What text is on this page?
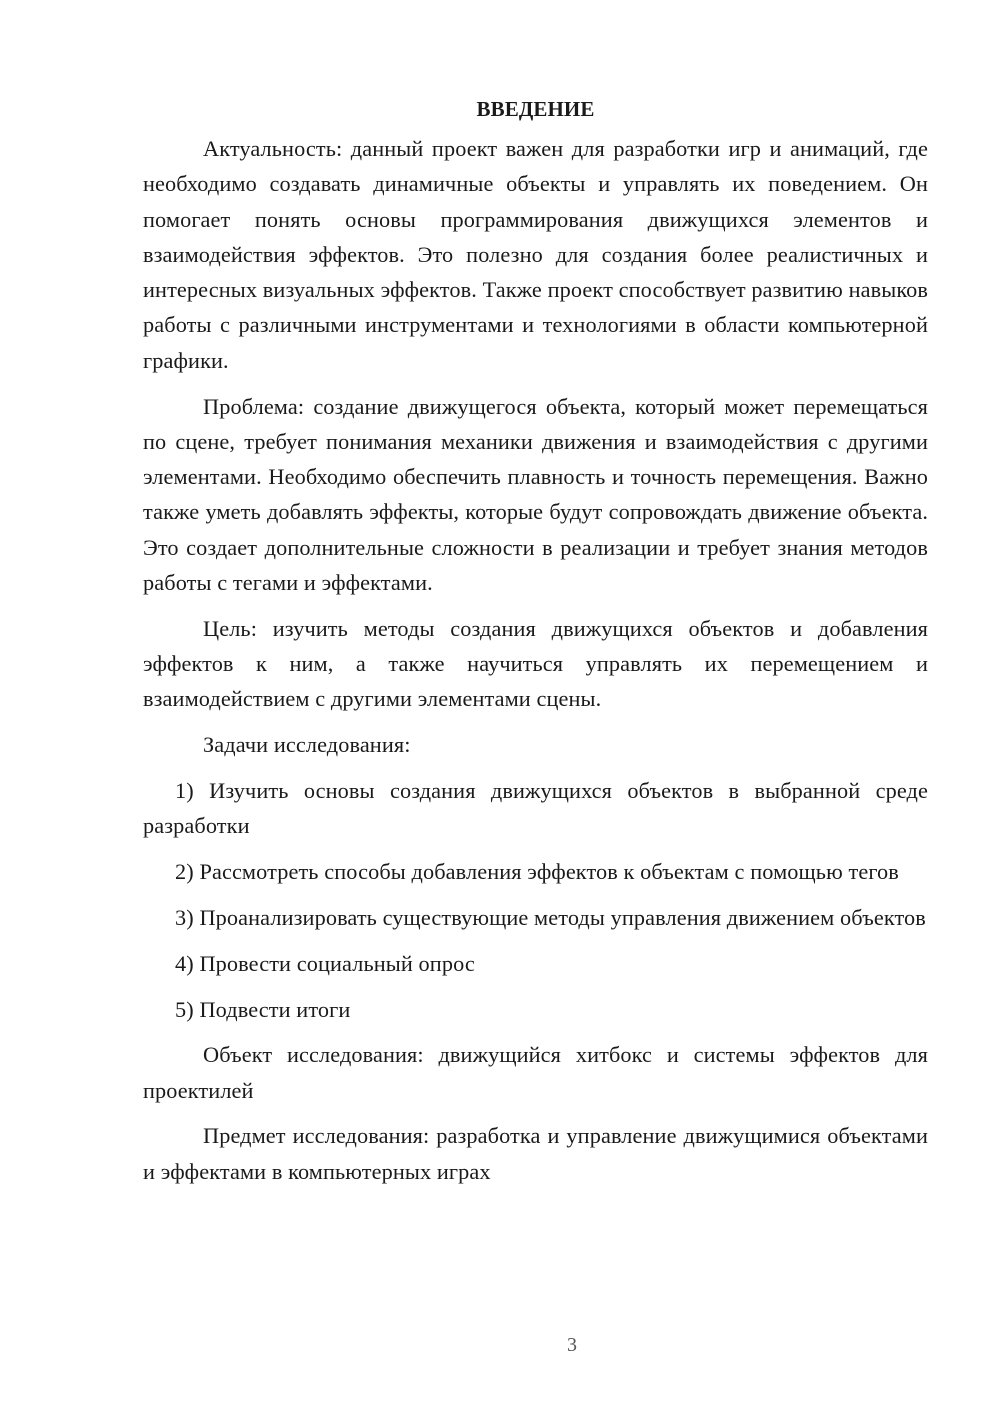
ВВЕДЕНИЕ

Актуальность: данный проект важен для разработки игр и анимаций, где необходимо создавать динамичные объекты и управлять их поведением. Он помогает понять основы программирования движущихся элементов и взаимодействия эффектов. Это полезно для создания более реалистичных и интересных визуальных эффектов. Также проект способствует развитию навыков работы с различными инструментами и технологиями в области компьютерной графики.

Проблема: создание движущегося объекта, который может перемещаться по сцене, требует понимания механики движения и взаимодействия с другими элементами. Необходимо обеспечить плавность и точность перемещения. Важно также уметь добавлять эффекты, которые будут сопровождать движение объекта. Это создает дополнительные сложности в реализации и требует знания методов работы с тегами и эффектами.

Цель: изучить методы создания движущихся объектов и добавления эффектов к ним, а также научиться управлять их перемещением и взаимодействием с другими элементами сцены.

Задачи исследования:

1) Изучить основы создания движущихся объектов в выбранной среде разработки

2) Рассмотреть способы добавления эффектов к объектам с помощью тегов

3) Проанализировать существующие методы управления движением объектов

4) Провести социальный опрос

5) Подвести итоги

Объект исследования: движущийся хитбокс и системы эффектов для проектилей

Предмет исследования: разработка и управление движущимися объектами и эффектами в компьютерных играх

3
